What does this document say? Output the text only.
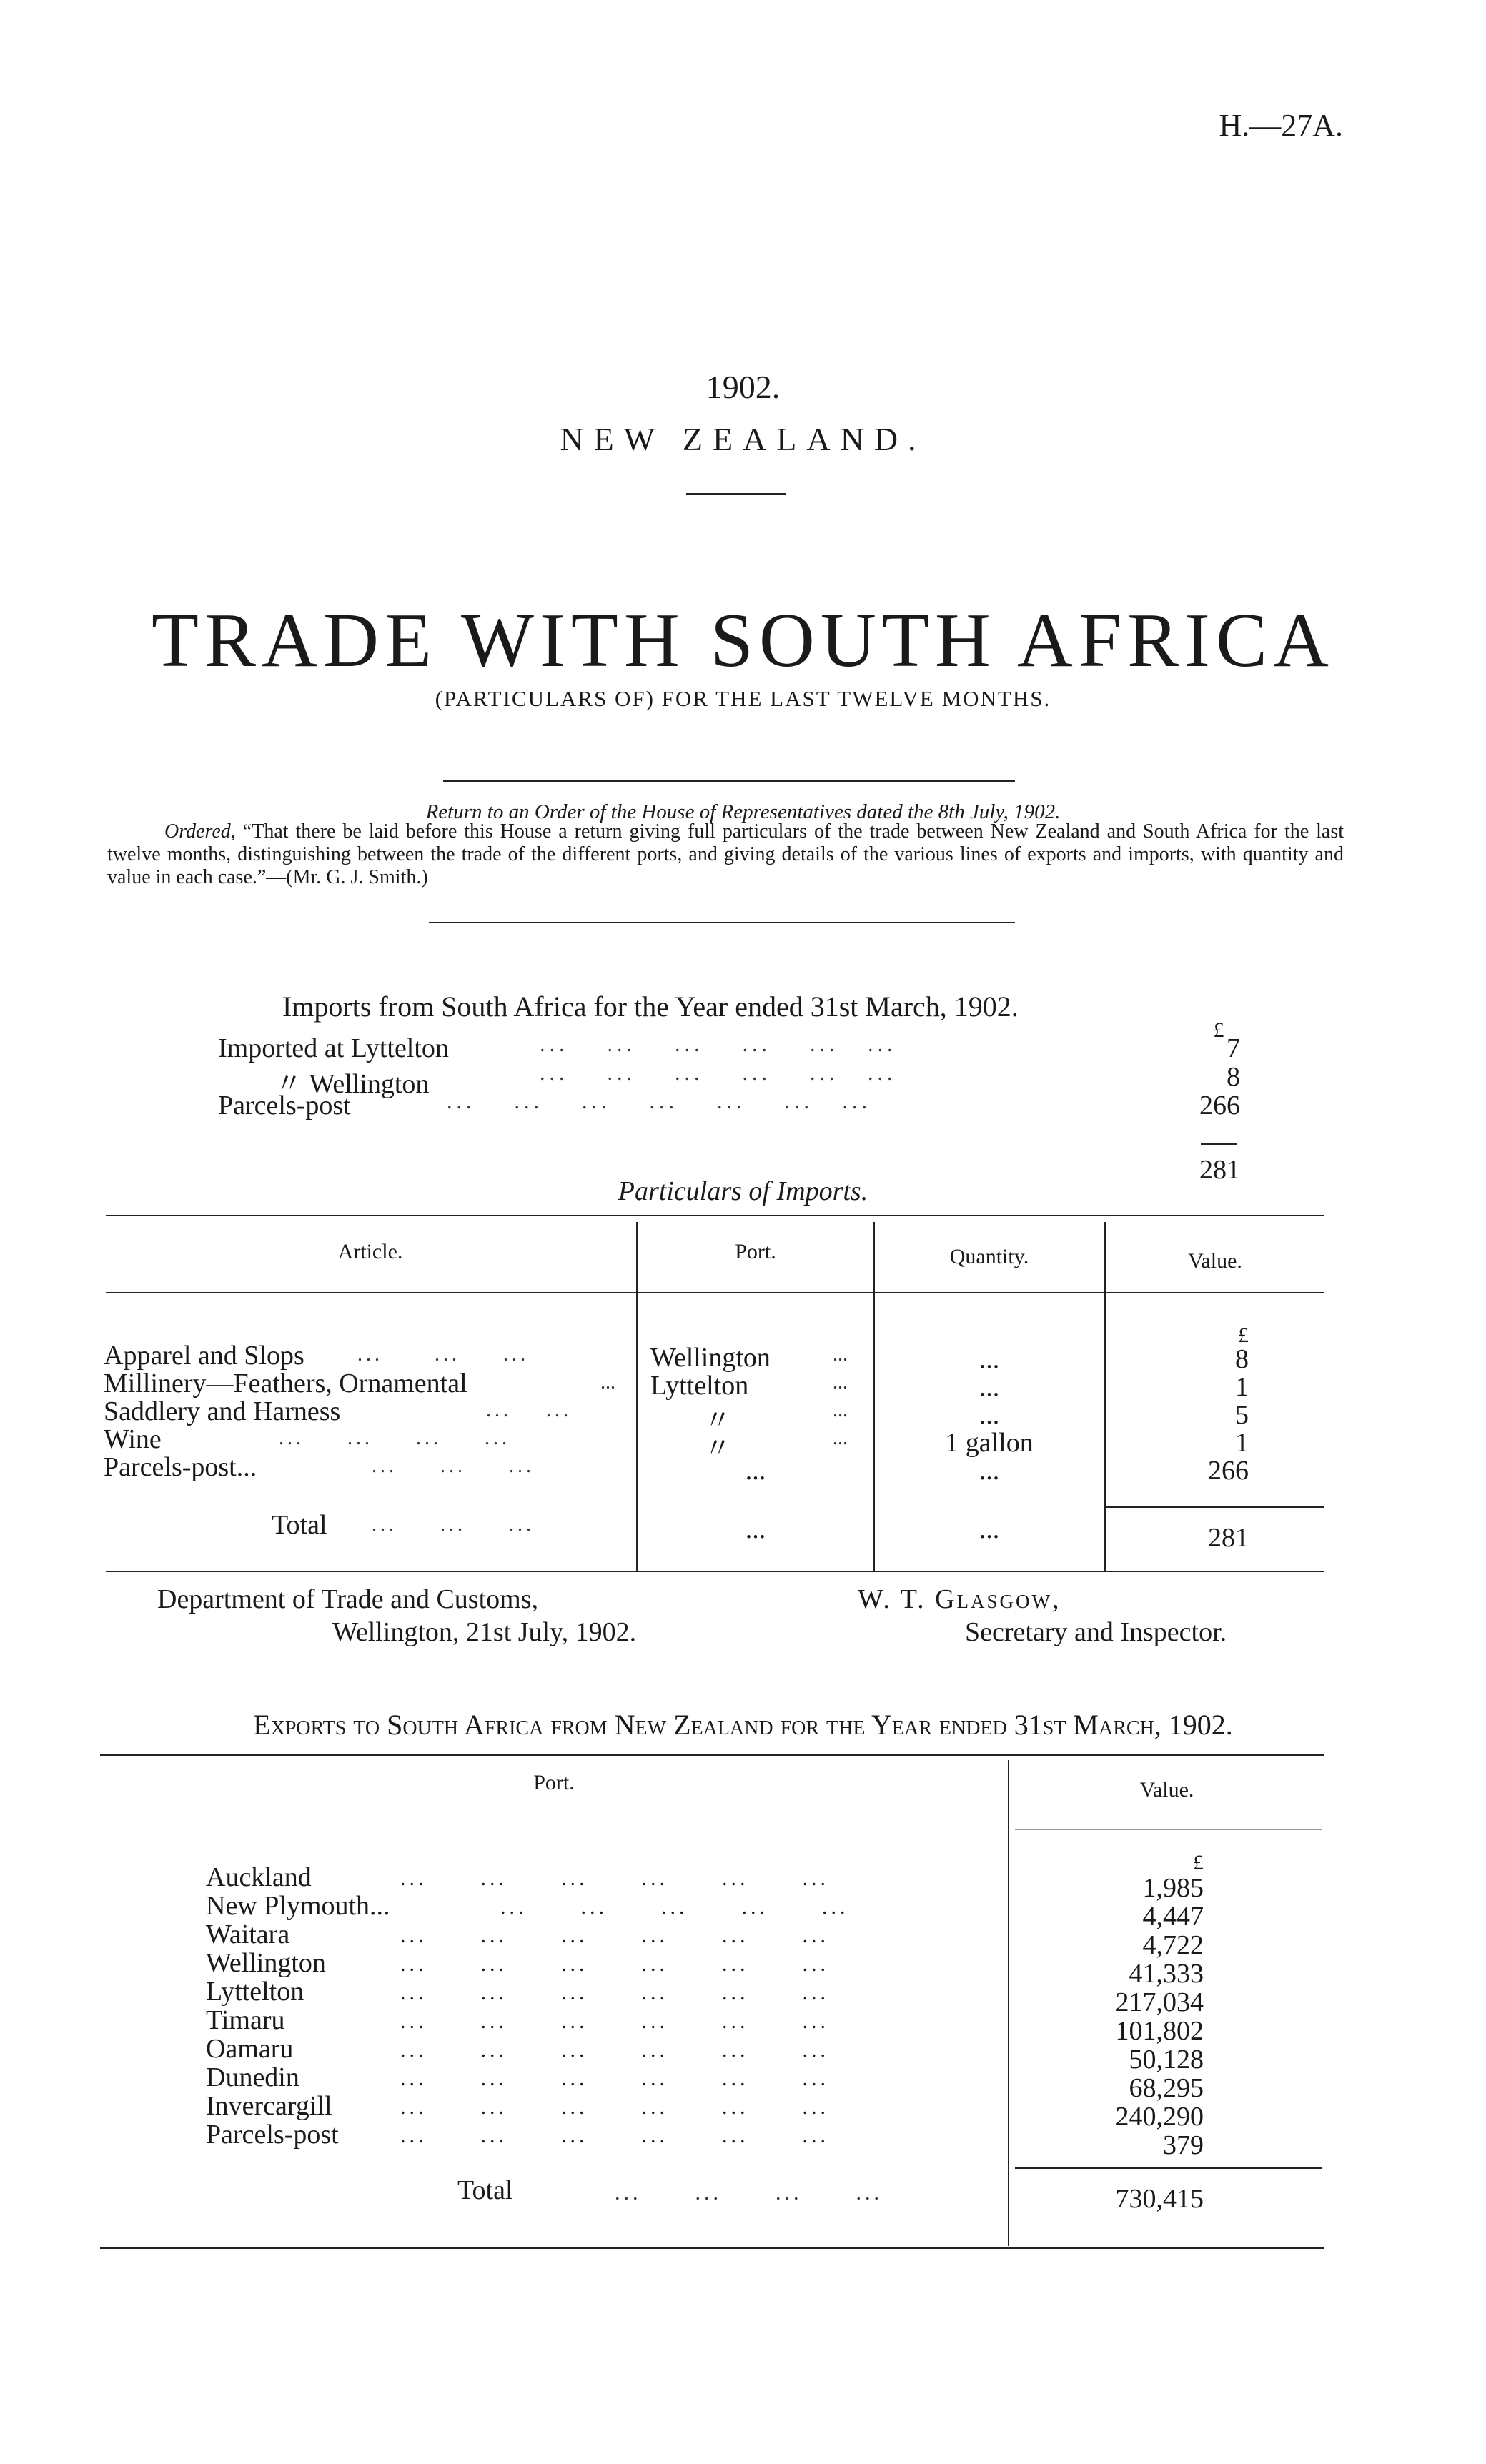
H.—27A.
1902.
NEW ZEALAND.
TRADE WITH SOUTH AFRICA
(PARTICULARS OF) FOR THE LAST TWELVE MONTHS.
Return to an Order of the House of Representatives dated the 8th July, 1902.
Ordered, “That there be laid before this House a return giving full particulars of the trade between New Zealand and South Africa for the last twelve months, distinguishing between the trade of the different ports, and giving details of the various lines of exports and imports, with quantity and value in each case.”—(Mr. G. J. Smith.)
Imports from South Africa for the Year ended 31st March, 1902.
£
Imported at Lyttelton	...    ...    ...    ...    ...   ...	7
〃 Wellington	...    ...    ...    ...    ...   ...	8
Parcels-post	...    ...    ...    ...    ...    ...   ...	266
281
Particulars of Imports.
Article.	Port.	Quantity.	Value.
£
Apparel and Slops	...      ...     ...	Wellington	...	...	8
Millinery—Feathers, Ornamental	... Lyttelton	...	...	1
Saddlery and Harness	...    ...	〃	...	...	5
Wine	...     ...     ...     ...	〃	...	1 gallon	1
Parcels-post...	...     ...     ...	...	...	266
Total ...     ...     ...	...	...	281
Department of Trade and Customs,
Wellington, 21st July, 1902.
W. T. Glasgow,
Secretary and Inspector.
Exports to South Africa from New Zealand for the Year ended 31st March, 1902.
Port.	Value.
£
Auckland	...      ...      ...      ...      ...      ...	1,985
New Plymouth...	...      ...      ...      ...      ...	4,447
Waitara	...      ...      ...      ...      ...      ...	4,722
Wellington	...      ...      ...      ...      ...      ...	41,333
Lyttelton	...      ...      ...      ...      ...      ...	217,034
Timaru	...      ...      ...      ...      ...      ...	101,802
Oamaru	...      ...      ...      ...      ...      ...	50,128
Dunedin	...      ...      ...      ...      ...      ...	68,295
Invercargill	...      ...      ...      ...      ...      ...	240,290
Parcels-post	...      ...      ...      ...      ...      ...	379
Total	...      ...      ...      ...	730,415
